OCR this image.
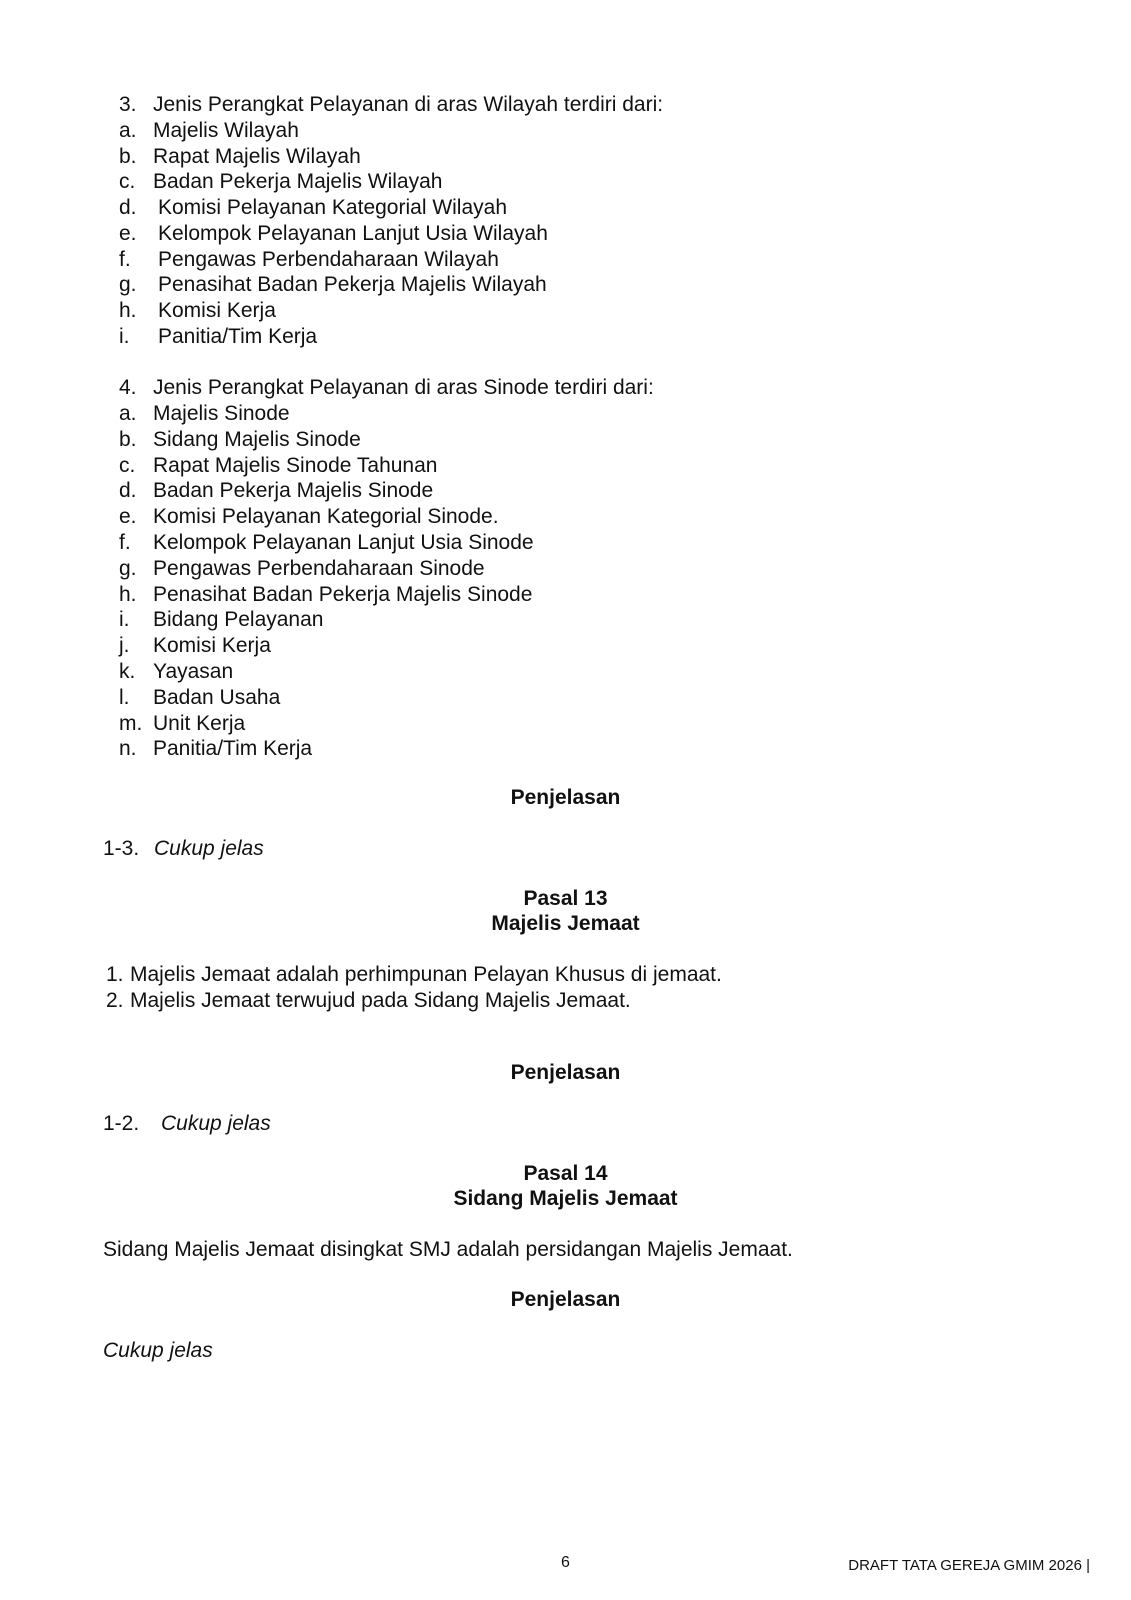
3. Jenis Perangkat Pelayanan di aras Wilayah terdiri dari:
a. Majelis Wilayah
b. Rapat Majelis Wilayah
c. Badan Pekerja Majelis Wilayah
d. Komisi Pelayanan Kategorial Wilayah
e. Kelompok Pelayanan Lanjut Usia Wilayah
f. Pengawas Perbendaharaan Wilayah
g. Penasihat Badan Pekerja Majelis Wilayah
h. Komisi Kerja
i. Panitia/Tim Kerja
4. Jenis Perangkat Pelayanan di aras Sinode terdiri dari:
a. Majelis Sinode
b. Sidang Majelis Sinode
c. Rapat Majelis Sinode Tahunan
d. Badan Pekerja Majelis Sinode
e. Komisi Pelayanan Kategorial Sinode.
f. Kelompok Pelayanan Lanjut Usia Sinode
g. Pengawas Perbendaharaan Sinode
h. Penasihat Badan Pekerja Majelis Sinode
i. Bidang Pelayanan
j. Komisi Kerja
k. Yayasan
l. Badan Usaha
m. Unit Kerja
n. Panitia/Tim Kerja
Penjelasan
1-3. Cukup jelas
Pasal 13
Majelis Jemaat
1. Majelis Jemaat adalah perhimpunan Pelayan Khusus di jemaat.
2. Majelis Jemaat terwujud pada Sidang Majelis Jemaat.
Penjelasan
1-2. Cukup jelas
Pasal 14
Sidang Majelis Jemaat
Sidang Majelis Jemaat disingkat SMJ adalah persidangan Majelis Jemaat.
Penjelasan
Cukup jelas
6	DRAFT TATA GEREJA GMIM 2026 |
